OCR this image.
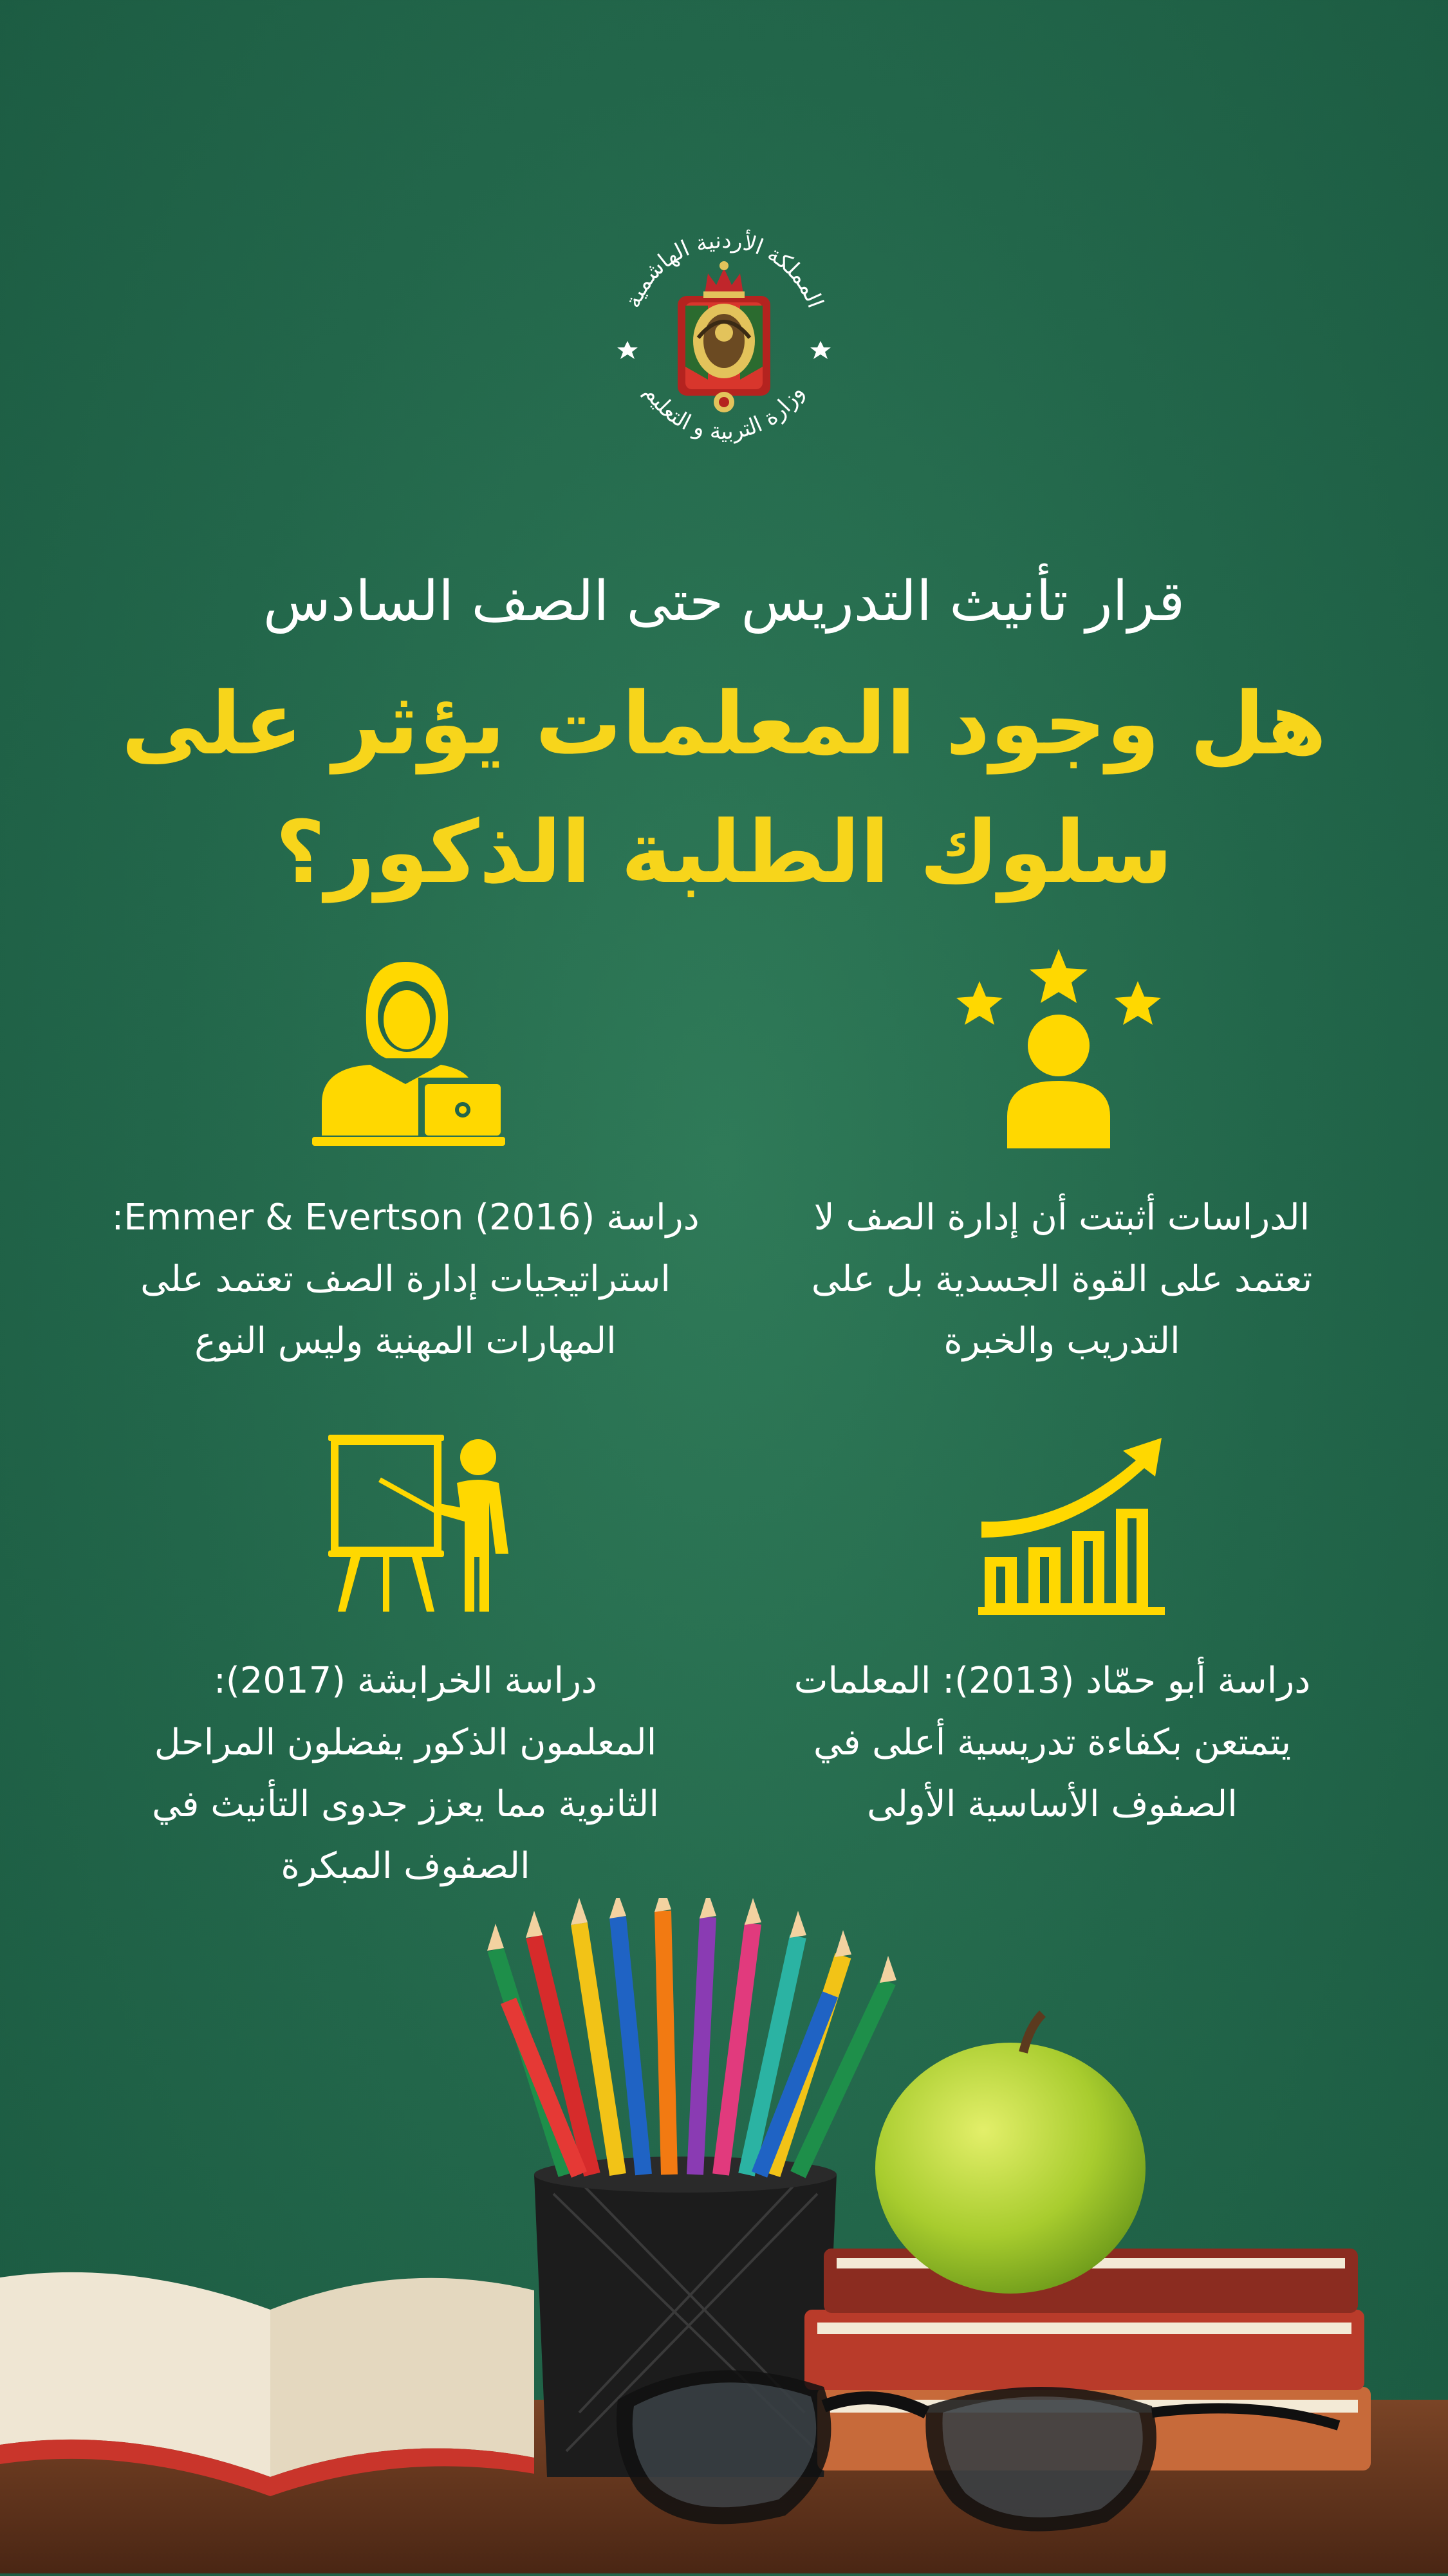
المملكة الأردنية الهاشمية
وزارة التربية و التعليم
قرار تأنيث التدريس حتى الصف السادس
هل وجود المعلمات يؤثر على
سلوك الطلبة الذكور؟
الدراسات أثبتت أن إدارة الصف لا
تعتمد على القوة الجسدية بل على
التدريب والخبرة
دراسة Emmer & Evertson (2016):
استراتيجيات إدارة الصف تعتمد على
المهارات المهنية وليس النوع
دراسة أبو حمّاد (2013): المعلمات
يتمتعن بكفاءة تدريسية أعلى في
الصفوف الأساسية الأولى
دراسة الخرابشة (2017):
المعلمون الذكور يفضلون المراحل
الثانوية مما يعزز جدوى التأنيث في
الصفوف المبكرة
